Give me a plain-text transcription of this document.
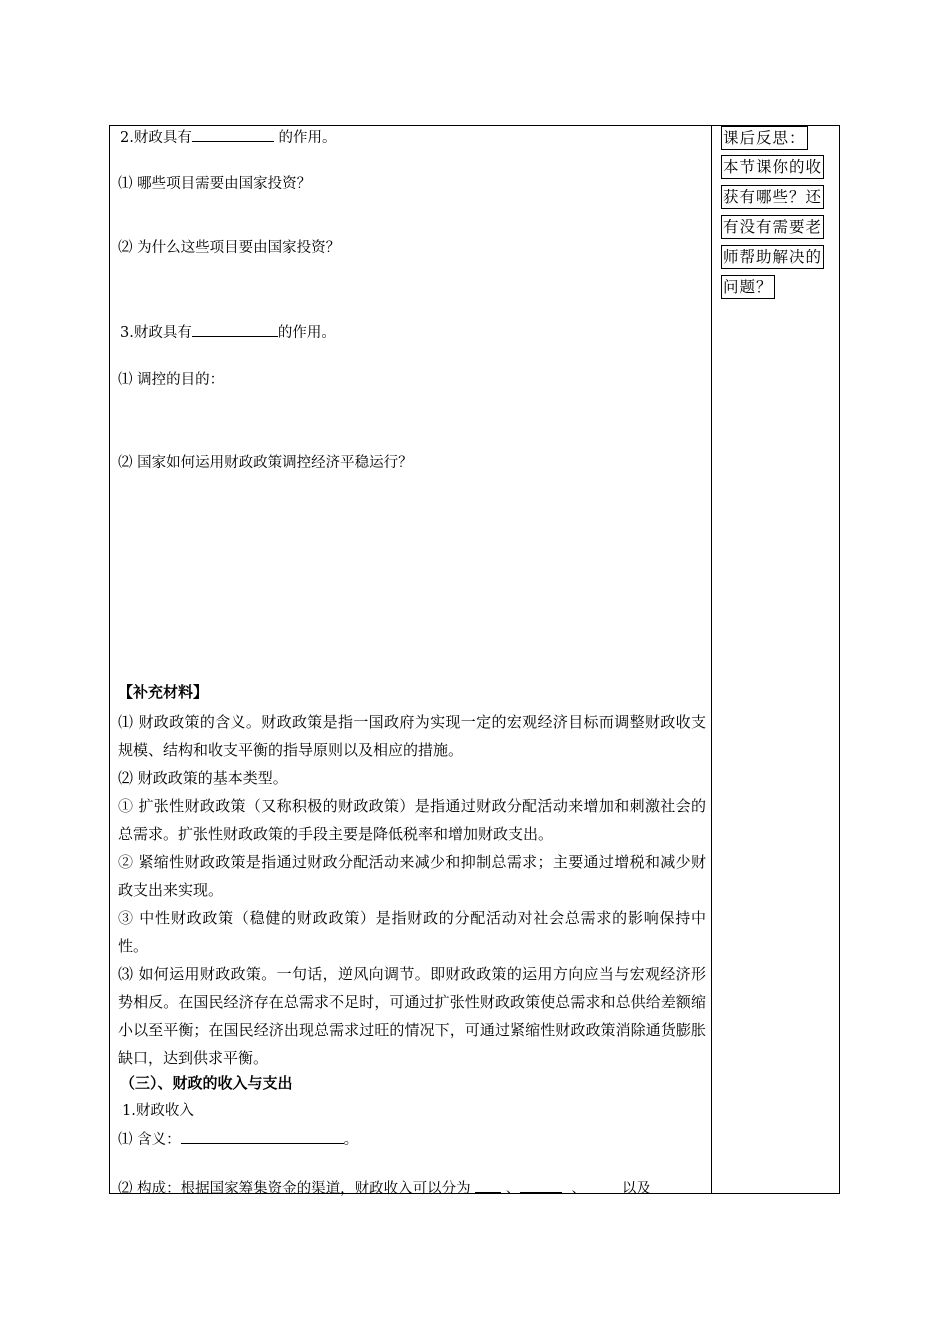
2.财政具有	的作用。
⑴ 哪些项目需要由国家投资？
⑵ 为什么这些项目要由国家投资？
3.财政具有	的作用。
⑴ 调控的目的：
⑵ 国家如何运用财政政策调控经济平稳运行？
【补充材料】
⑴ 财政政策的含义。财政政策是指一国政府为实现一定的宏观经济目标而调整财政收支规模、结构和收支平衡的指导原则以及相应的措施。
⑵ 财政政策的基本类型。
① 扩张性财政政策（又称积极的财政政策）是指通过财政分配活动来增加和刺激社会的总需求。扩张性财政政策的手段主要是降低税率和增加财政支出。
② 紧缩性财政政策是指通过财政分配活动来减少和抑制总需求；主要通过增税和减少财政支出来实现。
③ 中性财政政策（稳健的财政政策）是指财政的分配活动对社会总需求的影响保持中性。
⑶ 如何运用财政政策。一句话，逆风向调节。即财政政策的运用方向应当与宏观经济形势相反。在国民经济存在总需求不足时，可通过扩张性财政政策使总需求和总供给差额缩小以至平衡；在国民经济出现总需求过旺的情况下，可通过紧缩性财政政策消除通货膨胀缺口，达到供求平衡。
（三）、财政的收入与支出
1.财政收入
⑴ 含义：	。
⑵ 构成：根据国家筹集资金的渠道，财政收入可以分为 、	、 以及
课后反思：
本节课你的收
获有哪些？还
有没有需要老
师帮助解决的
问题？
